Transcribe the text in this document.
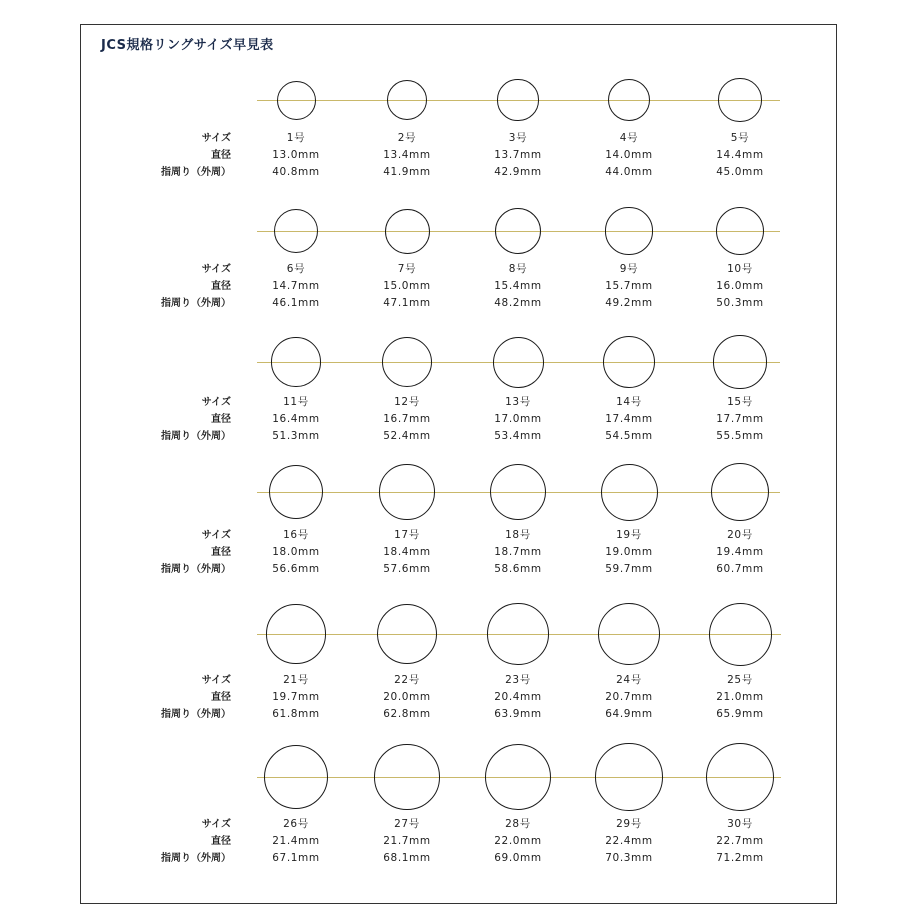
JCS規格リングサイズ早見表
サイズ
直径
指周り（外周）
1号
13.0mm
40.8mm
2号
13.4mm
41.9mm
3号
13.7mm
42.9mm
4号
14.0mm
44.0mm
5号
14.4mm
45.0mm
サイズ
直径
指周り（外周）
6号
14.7mm
46.1mm
7号
15.0mm
47.1mm
8号
15.4mm
48.2mm
9号
15.7mm
49.2mm
10号
16.0mm
50.3mm
サイズ
直径
指周り（外周）
11号
16.4mm
51.3mm
12号
16.7mm
52.4mm
13号
17.0mm
53.4mm
14号
17.4mm
54.5mm
15号
17.7mm
55.5mm
サイズ
直径
指周り（外周）
16号
18.0mm
56.6mm
17号
18.4mm
57.6mm
18号
18.7mm
58.6mm
19号
19.0mm
59.7mm
20号
19.4mm
60.7mm
サイズ
直径
指周り（外周）
21号
19.7mm
61.8mm
22号
20.0mm
62.8mm
23号
20.4mm
63.9mm
24号
20.7mm
64.9mm
25号
21.0mm
65.9mm
サイズ
直径
指周り（外周）
26号
21.4mm
67.1mm
27号
21.7mm
68.1mm
28号
22.0mm
69.0mm
29号
22.4mm
70.3mm
30号
22.7mm
71.2mm
